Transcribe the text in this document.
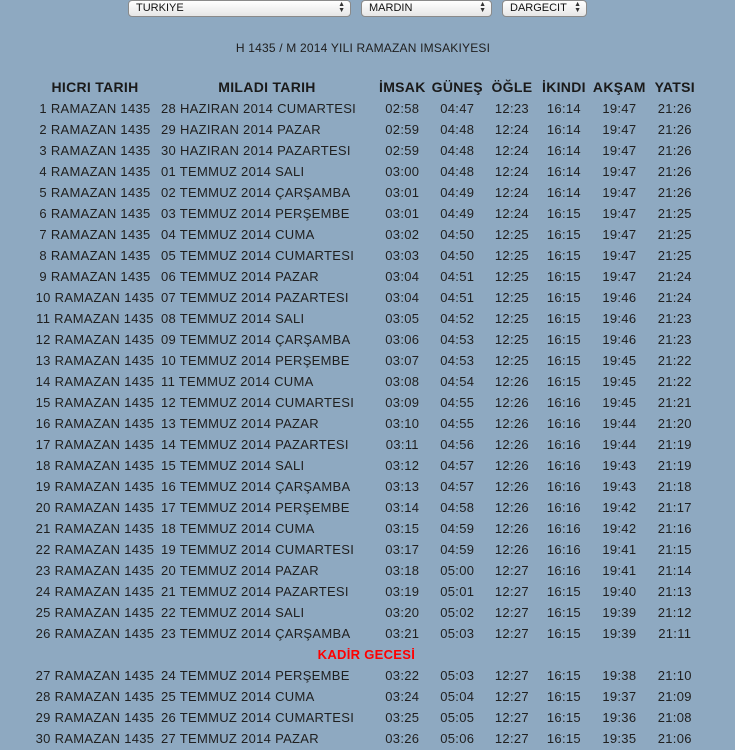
TURKIYE	▲
▼	MARDIN	▲
▼	DARGECIT ▲
▼
H 1435 / M 2014 YILI RAMAZAN IMSAKIYESI
HICRI TARIH	MILADI TARIH	İMSAK	GÜNEŞ	ÖĞLE	İKINDI	AKŞAM	YATSI
1 RAMAZAN 1435	28 HAZIRAN 2014 CUMARTESI	02:58	04:47	12:23	16:14	19:47	21:26
2 RAMAZAN 1435	29 HAZIRAN 2014 PAZAR	02:59	04:48	12:24	16:14	19:47	21:26
3 RAMAZAN 1435	30 HAZIRAN 2014 PAZARTESI	02:59	04:48	12:24	16:14	19:47	21:26
4 RAMAZAN 1435	01 TEMMUZ 2014 SALI	03:00	04:48	12:24	16:14	19:47	21:26
5 RAMAZAN 1435	02 TEMMUZ 2014 ÇARŞAMBA	03:01	04:49	12:24	16:14	19:47	21:26
6 RAMAZAN 1435	03 TEMMUZ 2014 PERŞEMBE	03:01	04:49	12:24	16:15	19:47	21:25
7 RAMAZAN 1435	04 TEMMUZ 2014 CUMA	03:02	04:50	12:25	16:15	19:47	21:25
8 RAMAZAN 1435	05 TEMMUZ 2014 CUMARTESI	03:03	04:50	12:25	16:15	19:47	21:25
9 RAMAZAN 1435	06 TEMMUZ 2014 PAZAR	03:04	04:51	12:25	16:15	19:47	21:24
10 RAMAZAN 1435	07 TEMMUZ 2014 PAZARTESI	03:04	04:51	12:25	16:15	19:46	21:24
11 RAMAZAN 1435	08 TEMMUZ 2014 SALI	03:05	04:52	12:25	16:15	19:46	21:23
12 RAMAZAN 1435	09 TEMMUZ 2014 ÇARŞAMBA	03:06	04:53	12:25	16:15	19:46	21:23
13 RAMAZAN 1435	10 TEMMUZ 2014 PERŞEMBE	03:07	04:53	12:25	16:15	19:45	21:22
14 RAMAZAN 1435	11 TEMMUZ 2014 CUMA	03:08	04:54	12:26	16:15	19:45	21:22
15 RAMAZAN 1435	12 TEMMUZ 2014 CUMARTESI	03:09	04:55	12:26	16:16	19:45	21:21
16 RAMAZAN 1435	13 TEMMUZ 2014 PAZAR	03:10	04:55	12:26	16:16	19:44	21:20
17 RAMAZAN 1435	14 TEMMUZ 2014 PAZARTESI	03:11	04:56	12:26	16:16	19:44	21:19
18 RAMAZAN 1435	15 TEMMUZ 2014 SALI	03:12	04:57	12:26	16:16	19:43	21:19
19 RAMAZAN 1435	16 TEMMUZ 2014 ÇARŞAMBA	03:13	04:57	12:26	16:16	19:43	21:18
20 RAMAZAN 1435	17 TEMMUZ 2014 PERŞEMBE	03:14	04:58	12:26	16:16	19:42	21:17
21 RAMAZAN 1435	18 TEMMUZ 2014 CUMA	03:15	04:59	12:26	16:16	19:42	21:16
22 RAMAZAN 1435	19 TEMMUZ 2014 CUMARTESI	03:17	04:59	12:26	16:16	19:41	21:15
23 RAMAZAN 1435	20 TEMMUZ 2014 PAZAR	03:18	05:00	12:27	16:16	19:41	21:14
24 RAMAZAN 1435	21 TEMMUZ 2014 PAZARTESI	03:19	05:01	12:27	16:15	19:40	21:13
25 RAMAZAN 1435	22 TEMMUZ 2014 SALI	03:20	05:02	12:27	16:15	19:39	21:12
26 RAMAZAN 1435	23 TEMMUZ 2014 ÇARŞAMBA	03:21	05:03	12:27	16:15	19:39	21:11
KADİR GECESİ							
27 RAMAZAN 1435	24 TEMMUZ 2014 PERŞEMBE	03:22	05:03	12:27	16:15	19:38	21:10
28 RAMAZAN 1435	25 TEMMUZ 2014 CUMA	03:24	05:04	12:27	16:15	19:37	21:09
29 RAMAZAN 1435	26 TEMMUZ 2014 CUMARTESI	03:25	05:05	12:27	16:15	19:36	21:08
30 RAMAZAN 1435	27 TEMMUZ 2014 PAZAR	03:26	05:06	12:27	16:15	19:35	21:06
